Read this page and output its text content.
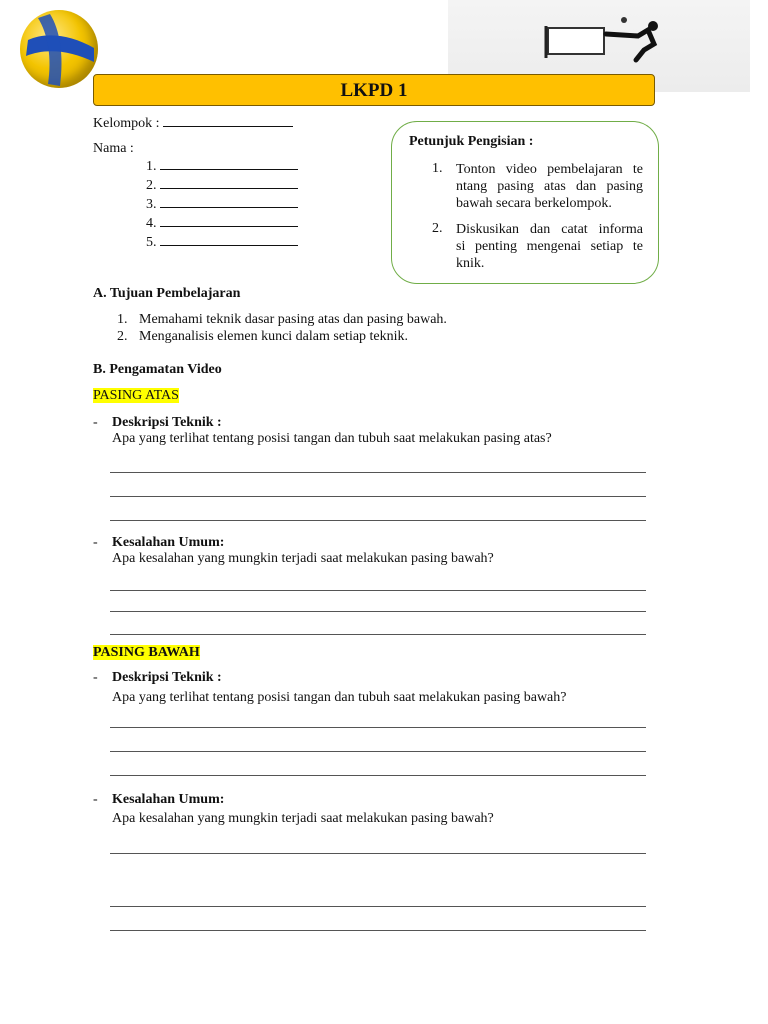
LKPD 1
Kelompok :
Nama :
1.
2.
3.
4.
5.
Petunjuk Pengisian :
1. Tonton video pembelajaran te
ntang pasing atas dan pasing
bawah secara berkelompok.
2. Diskusikan dan catat informa
si penting mengenai setiap te
knik.
A. Tujuan Pembelajaran
1. Memahami teknik dasar pasing atas dan pasing bawah.
2. Menganalisis elemen kunci dalam setiap teknik.
B. Pengamatan Video
PASING ATAS
- Deskripsi Teknik :
Apa yang terlihat tentang posisi tangan dan tubuh saat melakukan pasing atas?
- Kesalahan Umum:
Apa kesalahan yang mungkin terjadi saat melakukan pasing bawah?
PASING BAWAH
- Deskripsi Teknik :
Apa yang terlihat tentang posisi tangan dan tubuh saat melakukan pasing bawah?
- Kesalahan Umum:
Apa kesalahan yang mungkin terjadi saat melakukan pasing bawah?
